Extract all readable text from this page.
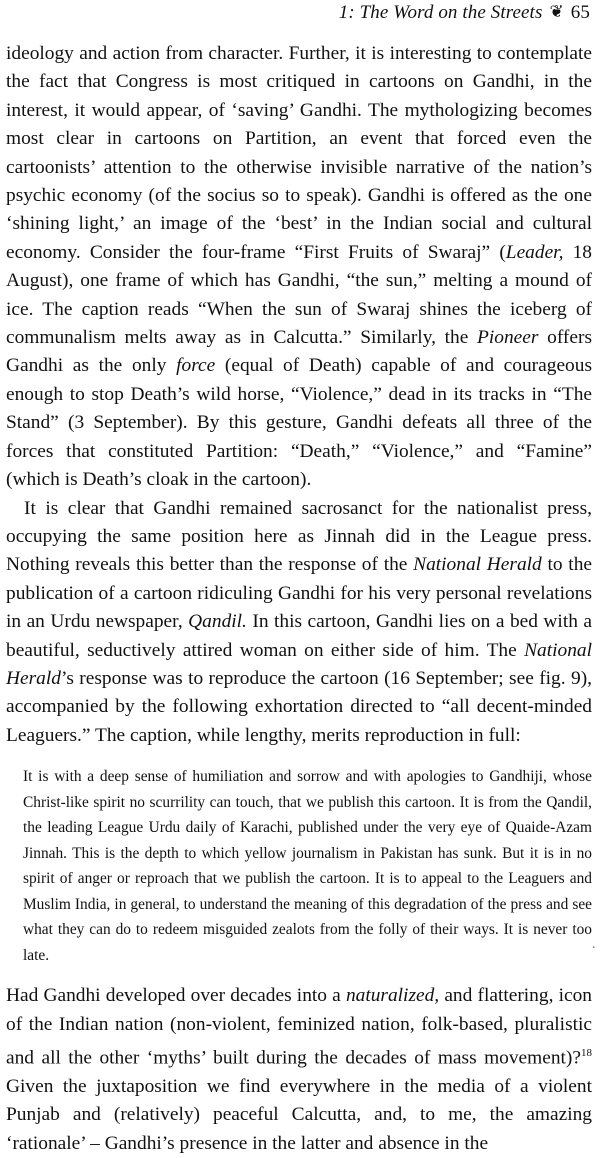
1: The Word on the Streets ❦ 65

ideology and action from character. Further, it is interesting to contemplate the fact that Congress is most critiqued in cartoons on Gandhi, in the interest, it would appear, of ‘saving’ Gandhi. The mythologizing becomes most clear in cartoons on Partition, an event that forced even the cartoonists’ attention to the otherwise invisible narrative of the nation’s psychic economy (of the socius so to speak). Gandhi is offered as the one ‘shining light,’ an image of the ‘best’ in the Indian social and cultural economy. Consider the four-frame “First Fruits of Swaraj” (Leader, 18 August), one frame of which has Gandhi, “the sun,” melting a mound of ice. The caption reads “When the sun of Swaraj shines the iceberg of communalism melts away as in Calcutta.” Similarly, the Pioneer offers Gandhi as the only force (equal of Death) capable of and courageous enough to stop Death’s wild horse, “Violence,” dead in its tracks in “The Stand” (3 September). By this gesture, Gandhi defeats all three of the forces that constituted Partition: “Death,” “Violence,” and “Famine” (which is Death’s cloak in the cartoon).

It is clear that Gandhi remained sacrosanct for the nationalist press, occupying the same position here as Jinnah did in the League press. Nothing reveals this better than the response of the National Herald to the publication of a cartoon ridiculing Gandhi for his very personal revelations in an Urdu newspaper, Qandil. In this cartoon, Gandhi lies on a bed with a beautiful, seductively attired woman on either side of him. The National Herald’s response was to reproduce the cartoon (16 September; see fig. 9), accompanied by the following exhortation directed to “all decent-minded Leaguers.” The caption, while lengthy, merits reproduction in full:

It is with a deep sense of humiliation and sorrow and with apologies to Gandhiji, whose Christ-like spirit no scurrility can touch, that we publish this cartoon. It is from the Qandil, the leading League Urdu daily of Karachi, published under the very eye of Quaide-Azam Jinnah. This is the depth to which yellow journalism in Pakistan has sunk. But it is in no spirit of anger or reproach that we publish the cartoon. It is to appeal to the Leaguers and Muslim India, in general, to understand the meaning of this degradation of the press and see what they can do to redeem misguided zealots from the folly of their ways. It is never too late.

Had Gandhi developed over decades into a naturalized, and flattering, icon of the Indian nation (non-violent, feminized nation, folk-based, pluralistic and all the other ‘myths’ built during the decades of mass movement)?$^{18}$ Given the juxtaposition we find everywhere in the media of a violent Punjab and (relatively) peaceful Calcutta, and, to me, the amazing ‘rationale’ – Gandhi’s presence in the latter and absence in the

·
